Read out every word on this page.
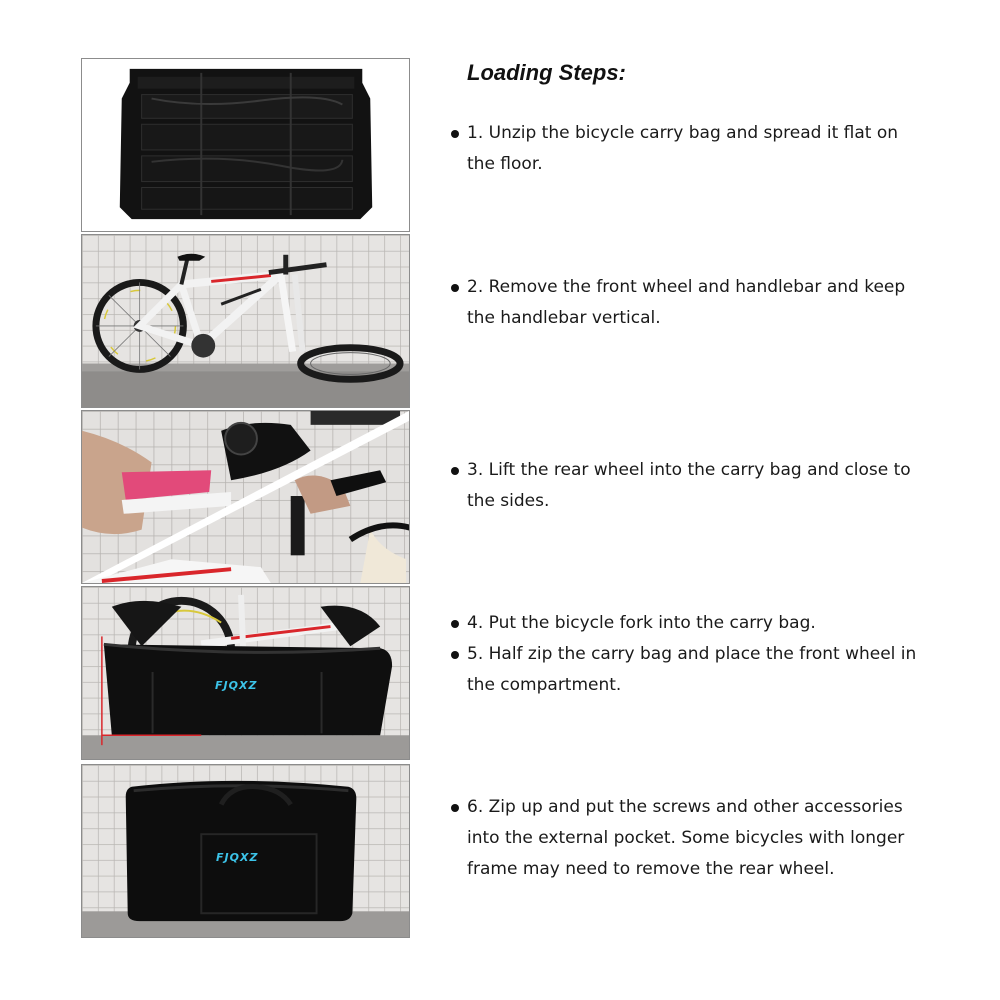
Loading Steps:
FJQXZ
FJQXZ
1. Unzip the bicycle carry bag and spread it flat on the floor.
2. Remove the front wheel and handlebar and keep the handlebar vertical.
3. Lift the rear wheel into the carry bag and close to the sides.
4. Put the bicycle fork into the carry bag.
5. Half zip the carry bag and place the front wheel in the compartment.
6. Zip up and put the screws and other accessories into the external pocket. Some bicycles with longer frame may need to remove the rear wheel.
